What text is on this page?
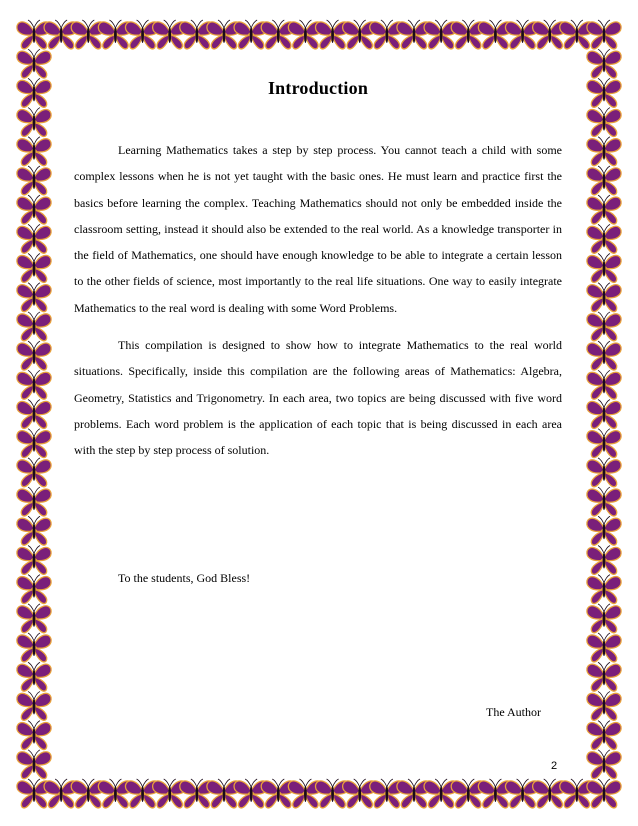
Introduction

Learning Mathematics takes a step by step process. You cannot teach a child with some complex lessons when he is not yet taught with the basic ones. He must learn and practice first the basics before learning the complex. Teaching Mathematics should not only be embedded inside the classroom setting, instead it should also be extended to the real world. As a knowledge transporter in the field of Mathematics, one should have enough knowledge to be able to integrate a certain lesson to the other fields of science, most importantly to the real life situations. One way to easily integrate Mathematics to the real word is dealing with some Word Problems.

This compilation is designed to show how to integrate Mathematics to the real world situations. Specifically, inside this compilation are the following areas of Mathematics: Algebra, Geometry, Statistics and Trigonometry. In each area, two topics are being discussed with five word problems. Each word problem is the application of each topic that is being discussed in each area with the step by step process of solution.

To the students, God Bless!
The Author
2
